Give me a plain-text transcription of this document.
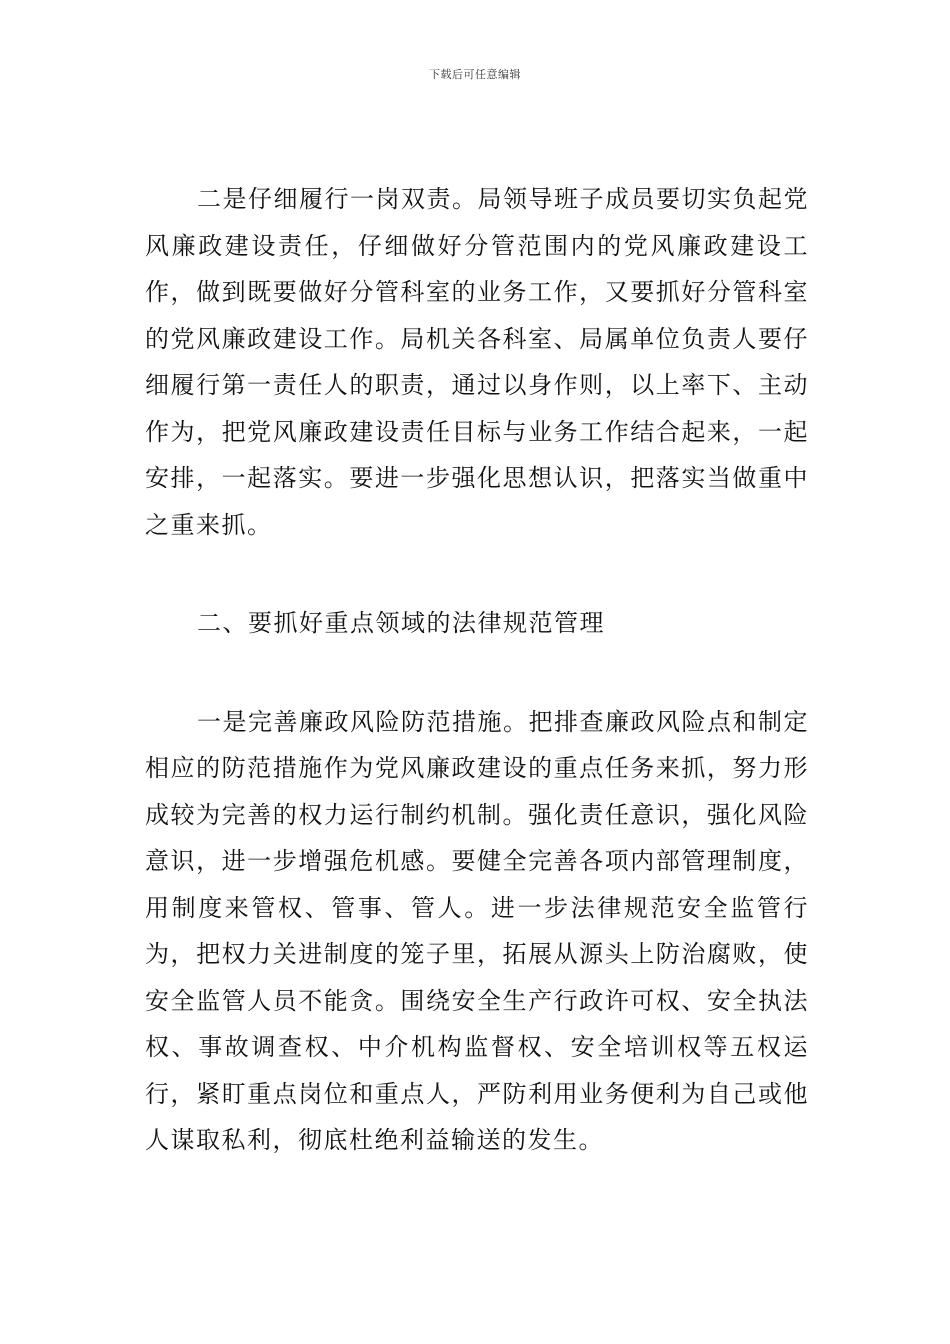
下载后可任意编辑

二是仔细履行一岗双责。局领导班子成员要切实负起党风廉政建设责任，仔细做好分管范围内的党风廉政建设工作，做到既要做好分管科室的业务工作，又要抓好分管科室的党风廉政建设工作。局机关各科室、局属单位负责人要仔细履行第一责任人的职责，通过以身作则，以上率下、主动作为，把党风廉政建设责任目标与业务工作结合起来，一起安排，一起落实。要进一步强化思想认识，把落实当做重中之重来抓。

二、要抓好重点领域的法律规范管理

一是完善廉政风险防范措施。把排查廉政风险点和制定相应的防范措施作为党风廉政建设的重点任务来抓，努力形成较为完善的权力运行制约机制。强化责任意识，强化风险意识，进一步增强危机感。要健全完善各项内部管理制度，用制度来管权、管事、管人。进一步法律规范安全监管行为，把权力关进制度的笼子里，拓展从源头上防治腐败，使安全监管人员不能贪。围绕安全生产行政许可权、安全执法权、事故调查权、中介机构监督权、安全培训权等五权运行，紧盯重点岗位和重点人，严防利用业务便利为自己或他人谋取私利，彻底杜绝利益输送的发生。
